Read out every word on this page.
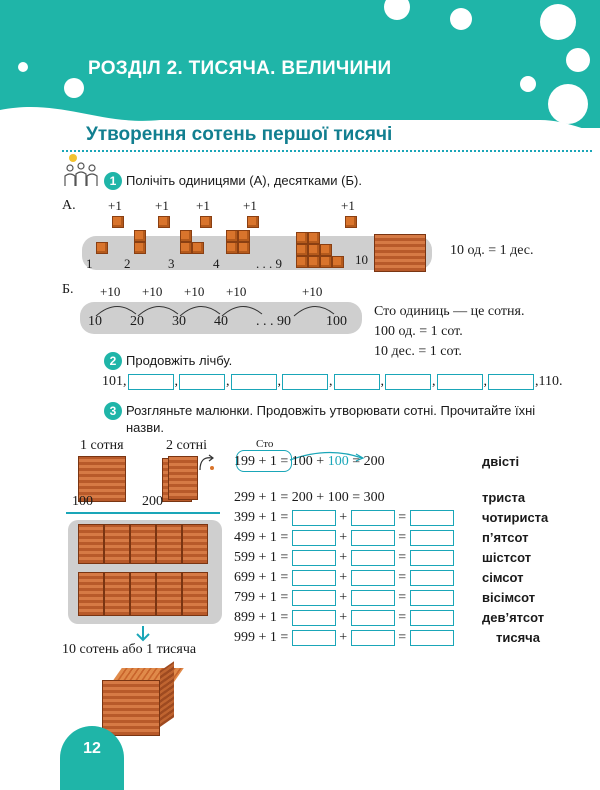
РОЗДІЛ 2. ТИСЯЧА. ВЕЛИЧИНИ
Утворення сотень першої тисячі
1 Полічіть одиницями (А), десятками (Б).
А. +1	+1 +1	+1	+1
1 2	3	4	. . . 9	10
10 од. = 1 дес.
Б. +10 +10 +10 +10	+10
10 20 30 40 . . . 90	100
Сто одиниць — це сотня.
100 од. = 1 сот.
10 дес. = 1 сот.
2 Продовжіть лічбу.
101,	,	,	,	,	,	,	,	,110.
3 Розгляньте малюнки. Продовжіть утворювати сотні. Прочитайте їхні
назви.
1 сотня	2 сотні
100	200
10 сотень або 1 тисяча
Сто
199 + 1 = 100 + 100 = 200	двісті
299 + 1 = 200 + 100 = 300	триста
399 + 1 =	+	=	чотириста
499 + 1 =	+	=	п’ятсот
599 + 1 =	+	=	шістсот
699 + 1 =	+	=	сімсот
799 + 1 =	+	=	вісімсот
899 + 1 =	+	=	дев’ятсот
999 + 1 =	+	=	тисяча
12
